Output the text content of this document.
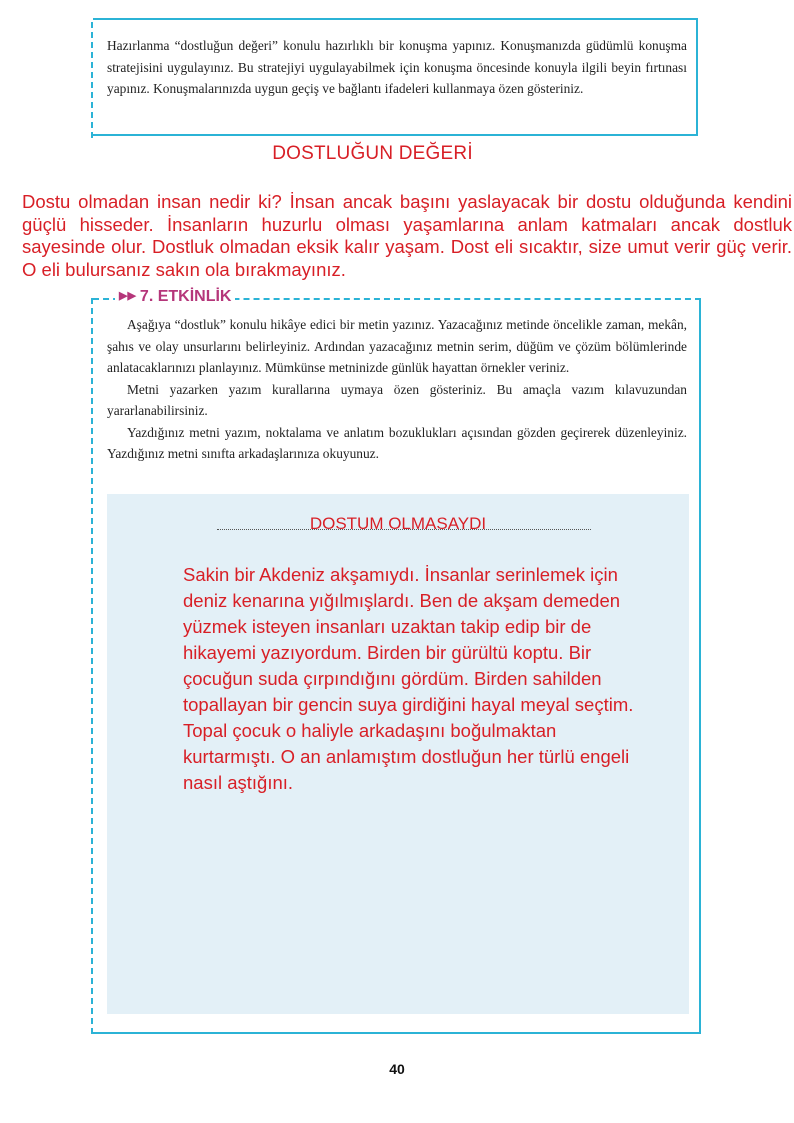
Hazırlanma “dostluğun değeri” konulu hazırlıklı bir konuşma yapınız. Konuşmanızda güdümlü konuşma stratejisini uygulayınız. Bu stratejiyi uygulayabilmek için konuşma öncesinde konuyla ilgili beyin fırtınası yapınız. Konuşmalarınızda uygun geçiş ve bağlantı ifadeleri kullanmaya özen gösteriniz.
DOSTLUĞUN DEĞERİ
Dostu olmadan insan nedir ki? İnsan ancak başını yaslayacak bir dostu olduğunda kendini güçlü hisseder. İnsanların huzurlu olması yaşamlarına anlam katmaları ancak dostluk sayesinde olur. Dostluk olmadan eksik kalır yaşam. Dost eli sıcaktır, size umut verir güç verir. O eli bulursanız sakın ola bırakmayınız.
▶▶ 7. ETKİNLİK

Aşağıya “dostluk” konulu hikâye edici bir metin yazınız. Yazacağınız metinde öncelikle zaman, mekân, şahıs ve olay unsurlarını belirleyiniz. Ardından yazacağınız metnin serim, düğüm ve çözüm bölümlerinde anlatacaklarınızı planlayınız. Mümkünse metninizde günlük hayattan örnekler veriniz.

Metni yazarken yazım kurallarına uymaya özen gösteriniz. Bu amaçla vazım kılavuzundan yararlanabilirsiniz.

Yazdığınız metni yazım, noktalama ve anlatım bozuklukları açısından gözden geçirerek düzenleyiniz. Yazdığınız metni sınıfta arkadaşlarınıza okuyunuz.

DOSTUM OLMASAYDI
Sakin bir Akdeniz akşamıydı. İnsanlar serinlemek için deniz kenarına yığılmışlardı. Ben de akşam demeden yüzmek isteyen insanları uzaktan takip edip bir de hikayemi yazıyordum. Birden bir gürültü koptu. Bir çocuğun suda çırpındığını gördüm. Birden sahilden topallayan bir gencin suya girdiğini hayal meyal seçtim. Topal çocuk o haliyle arkadaşını boğulmaktan kurtarmıştı. O an anlamıştım dostluğun her türlü engeli nasıl aştığını.
40
